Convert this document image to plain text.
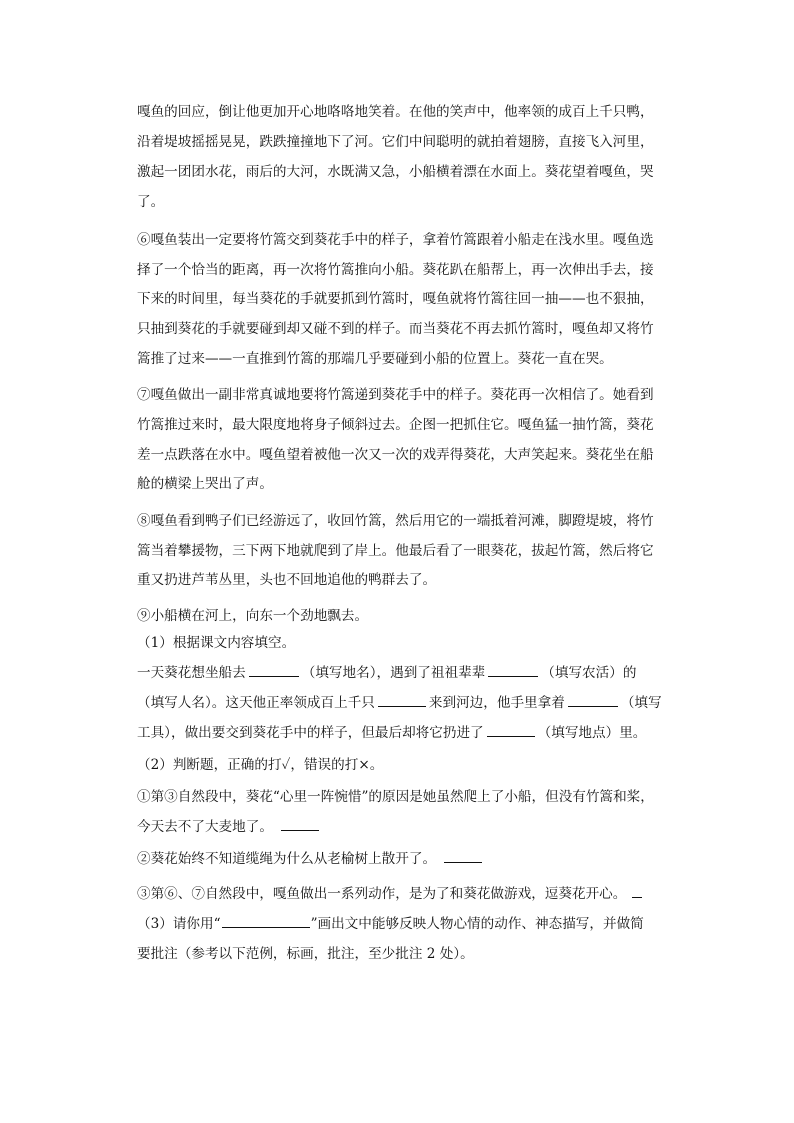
嘎鱼的回应，倒让他更加开心地咯咯地笑着。在他的笑声中，他率领的成百上千只鸭，
沿着堤坡摇摇晃晃，跌跌撞撞地下了河。它们中间聪明的就拍着翅膀，直接飞入河里，
激起一团团水花，雨后的大河，水既满又急，小船横着漂在水面上。葵花望着嘎鱼，哭
了。
⑥嘎鱼装出一定要将竹篙交到葵花手中的样子，拿着竹篙跟着小船走在浅水里。嘎鱼选
择了一个恰当的距离，再一次将竹篙推向小船。葵花趴在船帮上，再一次伸出手去，接
下来的时间里，每当葵花的手就要抓到竹篙时，嘎鱼就将竹篙往回一抽——也不狠抽，
只抽到葵花的手就要碰到却又碰不到的样子。而当葵花不再去抓竹篙时，嘎鱼却又将竹
篙推了过来——一直推到竹篙的那端几乎要碰到小船的位置上。葵花一直在哭。
⑦嘎鱼做出一副非常真诚地要将竹篙递到葵花手中的样子。葵花再一次相信了。她看到
竹篙推过来时，最大限度地将身子倾斜过去。企图一把抓住它。嘎鱼猛一抽竹篙，葵花
差一点跌落在水中。嘎鱼望着被他一次又一次的戏弄得葵花，大声笑起来。葵花坐在船
舱的横梁上哭出了声。
⑧嘎鱼看到鸭子们已经游远了，收回竹篙，然后用它的一端抵着河滩，脚蹬堤坡，将竹
篙当着攀援物，三下两下地就爬到了岸上。他最后看了一眼葵花，拔起竹篙，然后将它
重又扔进芦苇丛里，头也不回地追他的鸭群去了。
⑨小船横在河上，向东一个劲地飘去。
（1）根据课文内容填空。
一天葵花想坐船去	（填写地名），遇到了祖祖辈辈	（填写农活）的
（填写人名）。这天他正率领成百上千只	来到河边，他手里拿着	（填写
工具），做出要交到葵花手中的样子，但最后却将它扔进了	（填写地点）里。
（2）判断题，正确的打✓，错误的打×。
①第③自然段中，葵花“心里一阵惋惜”的原因是她虽然爬上了小船，但没有竹篙和桨，
今天去不了大麦地了。
②葵花始终不知道缆绳为什么从老榆树上散开了。
③第⑥、⑦自然段中，嘎鱼做出一系列动作，是为了和葵花做游戏，逗葵花开心。
（3）请你用“	”画出文中能够反映人物心情的动作、神态描写，并做简
要批注（参考以下范例，标画，批注，至少批注 2 处）。
